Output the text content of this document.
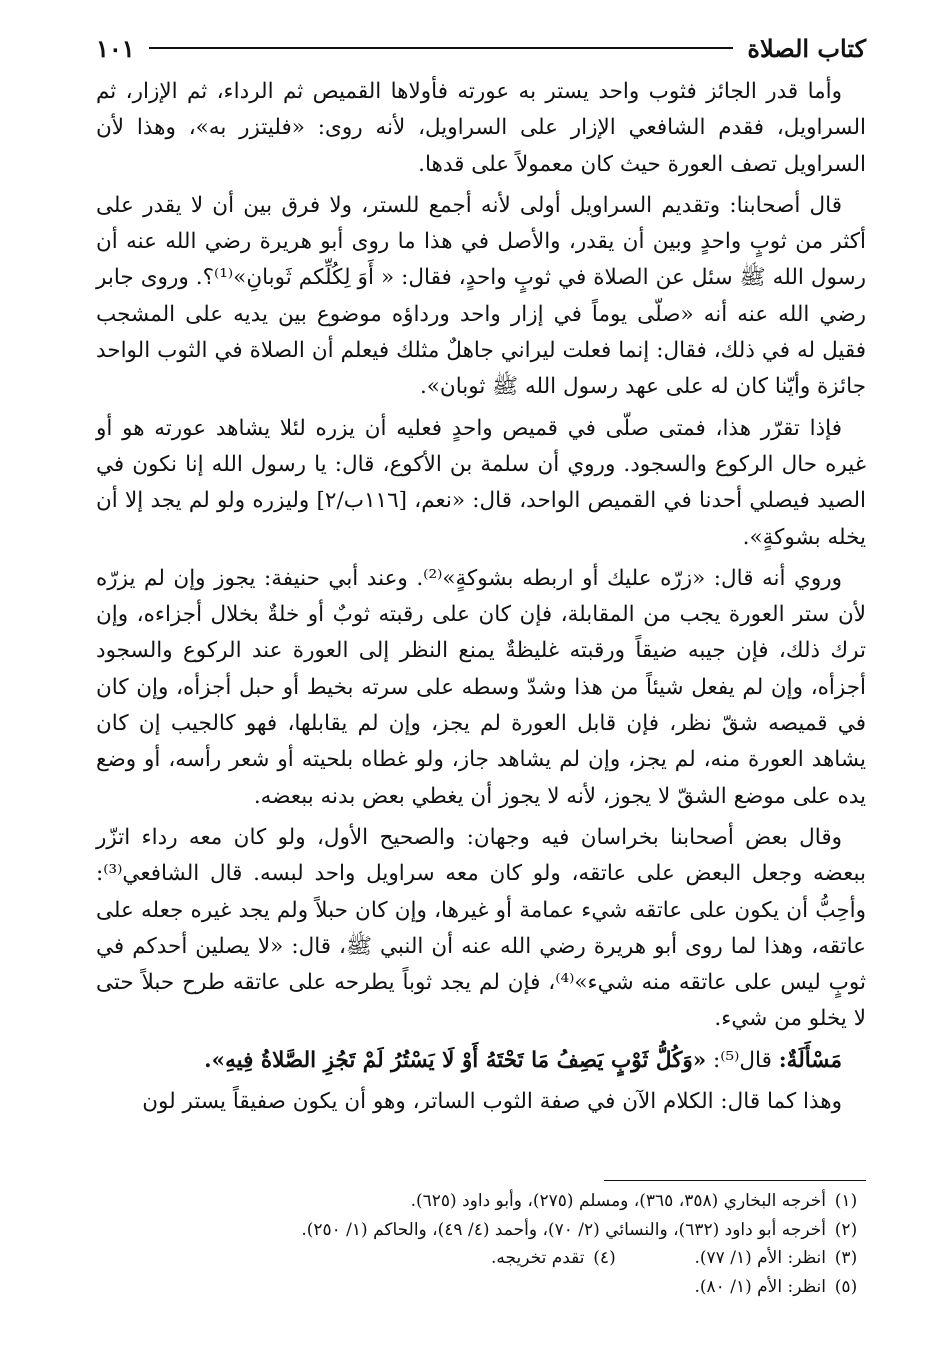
كتاب الصلاة
١٠١

وأما قدر الجائز فثوب واحد يستر به عورته فأولاها القميص ثم الرداء، ثم الإزار، ثم السراويل، فقدم الشافعي الإزار على السراويل، لأنه روى: «فليتزر به»، وهذا لأن السراويل تصف العورة حيث كان معمولاً على قدها.

قال أصحابنا: وتقديم السراويل أولى لأنه أجمع للستر، ولا فرق بين أن لا يقدر على أكثر من ثوبٍ واحدٍ وبين أن يقدر، والأصل في هذا ما روى أبو هريرة رضي الله عنه أن رسول الله ﷺ سئل عن الصلاة في ثوبٍ واحدٍ، فقال: « أَوَ لِكُلِّكم ثَوبانِ»⁽¹⁾؟. وروى جابر رضي الله عنه أنه «صلّى يوماً في إزار واحد ورداؤه موضوع بين يديه على المشجب فقيل له في ذلك، فقال: إنما فعلت ليراني جاهلٌ مثلك فيعلم أن الصلاة في الثوب الواحد جائزة وأيّنا كان له على عهد رسول الله ﷺ ثوبان».

فإذا تقرّر هذا، فمتى صلّى في قميص واحدٍ فعليه أن يزره لئلا يشاهد عورته هو أو غيره حال الركوع والسجود. وروي أن سلمة بن الأكوع، قال: يا رسول الله إنا نكون في الصيد فيصلي أحدنا في القميص الواحد، قال: «نعم، [١١٦ب/٢] وليزره ولو لم يجد إلا أن يخله بشوكةٍ».

وروي أنه قال: «زرّه عليك أو اربطه بشوكةٍ»⁽²⁾. وعند أبي حنيفة: يجوز وإن لم يزرّه لأن ستر العورة يجب من المقابلة، فإن كان على رقبته ثوبٌ أو خلةٌ بخلال أجزاءه، وإن ترك ذلك، فإن جيبه ضيقاً ورقبته غليظةٌ يمنع النظر إلى العورة عند الركوع والسجود أجزأه، وإن لم يفعل شيئاً من هذا وشدّ وسطه على سرته بخيط أو حبل أجزأه، وإن كان في قميصه شقّ نظر، فإن قابل العورة لم يجز، وإن لم يقابلها، فهو كالجيب إن كان يشاهد العورة منه، لم يجز، وإن لم يشاهد جاز، ولو غطاه بلحيته أو شعر رأسه، أو وضع يده على موضع الشقّ لا يجوز، لأنه لا يجوز أن يغطي بعض بدنه ببعضه.

وقال بعض أصحابنا بخراسان فيه وجهان: والصحيح الأول، ولو كان معه رداء اتزّر ببعضه وجعل البعض على عاتقه، ولو كان معه سراويل واحد لبسه. قال الشافعي⁽³⁾: وأحِبُّ أن يكون على عاتقه شيء عمامة أو غيرها، وإن كان حبلاً ولم يجد غيره جعله على عاتقه، وهذا لما روى أبو هريرة رضي الله عنه أن النبي ﷺ، قال: «لا يصلين أحدكم في ثوبٍ ليس على عاتقه منه شيء»⁽⁴⁾، فإن لم يجد ثوباً يطرحه على عاتقه طرح حبلاً حتى لا يخلو من شيء.

مَسْأَلَةٌ: قال⁽⁵⁾: «وَكُلُّ ثَوْبٍ يَصِفُ مَا تَحْتَهُ أَوْ لَا يَسْتُرُ لَمْ تَجُزِ الصَّلاةُ فِيهِ».

وهذا كما قال: الكلام الآن في صفة الثوب الساتر، وهو أن يكون صفيقاً يستر لون

(١)
أخرجه البخاري (٣٥٨، ٣٦٥)، ومسلم (٢٧٥)، وأبو داود (٦٢٥).
(٢)
أخرجه أبو داود (٦٣٢)، والنسائي (٢/ ٧٠)، وأحمد (٤/ ٤٩)، والحاكم (١/ ٢٥٠).
(٣)
انظر: الأم (١/ ٧٧).
(٤)
تقدم تخريجه.
(٥)
انظر: الأم (١/ ٨٠).
